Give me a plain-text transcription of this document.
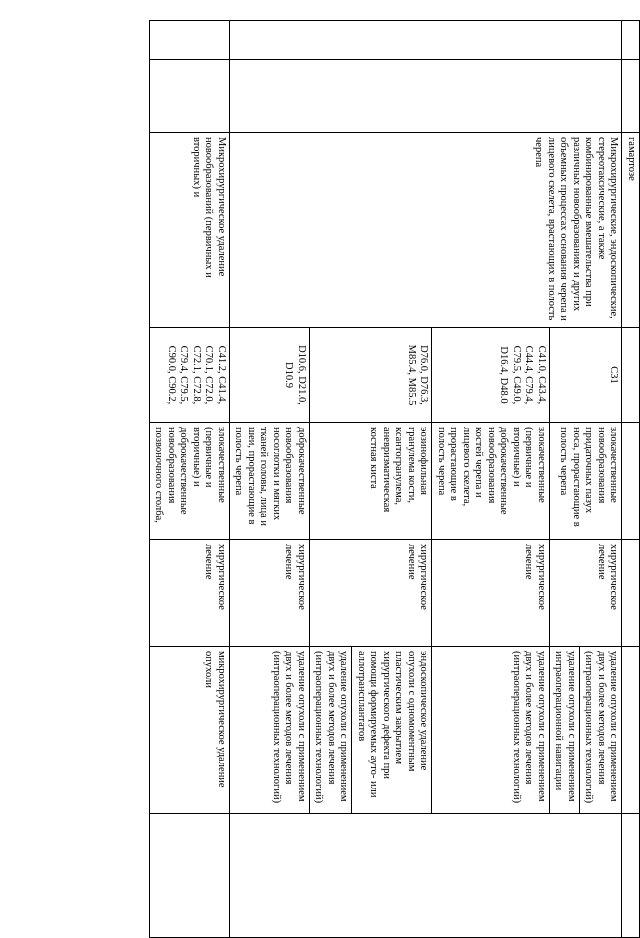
		гамартозе					
		Микрохирургические, эндоскопические, стереотаксические, а также комбинированные вмешательства при различных новообразованиях и других объемных процессах основания черепа и лицевого скелета, врастающих в полость черепа	С31	злокачественные новообразования придаточных пазух носа, прорастающие в полость черепа	хирургическое лечение	удаление опухоли с применением двух и более методов лечения (интраоперационных технологий)
удаление опухоли с применением интраоперационной навигации	

			С41.0, С43.4, С44.4, С79.4, С79.5, С49.0, D16.4, D48.0	злокачественные (первичные и вторичные) и доброкачественные новообразования костей черепа и лицевого скелета, прорастающие в полость черепа	хирургическое лечение	удаление опухоли с применением двух и более методов лечения (интраоперационных технологий)	
			D76.0, D76.3, M85.4, M85.5	эозинофильная гранулема кости, ксантогранулема, аневризматическая костная киста	хирургическое лечение	эндоскопическое удаление опухоли с одномоментным пластическим закрытием хирургического дефекта при помощи формируемых ауто- или аллотрансплантатов
удаление опухоли с применением двух и более методов лечения (интраоперационных технологий)	

			D10.6, D21.0, D10.9	доброкачественные новообразования носоглотки и мягких тканей головы, лица и шеи, прорастающие в полость черепа	хирургическое лечение	удаление опухоли с применением двух и более методов лечения (интраоперационных технологий)	
		Микрохирургическое удаление новообразований (первичных и вторичных) и	С41.2, С41.4, С70.1, С72.0, С72.1, С72.8, С79.4, С79.5, С90.0, С90.2,	злокачественные (первичные и вторичные) и доброкачественные новообразования позвоночного столба,	хирургическое лечение	микрохирургическое удаление опухоли	
